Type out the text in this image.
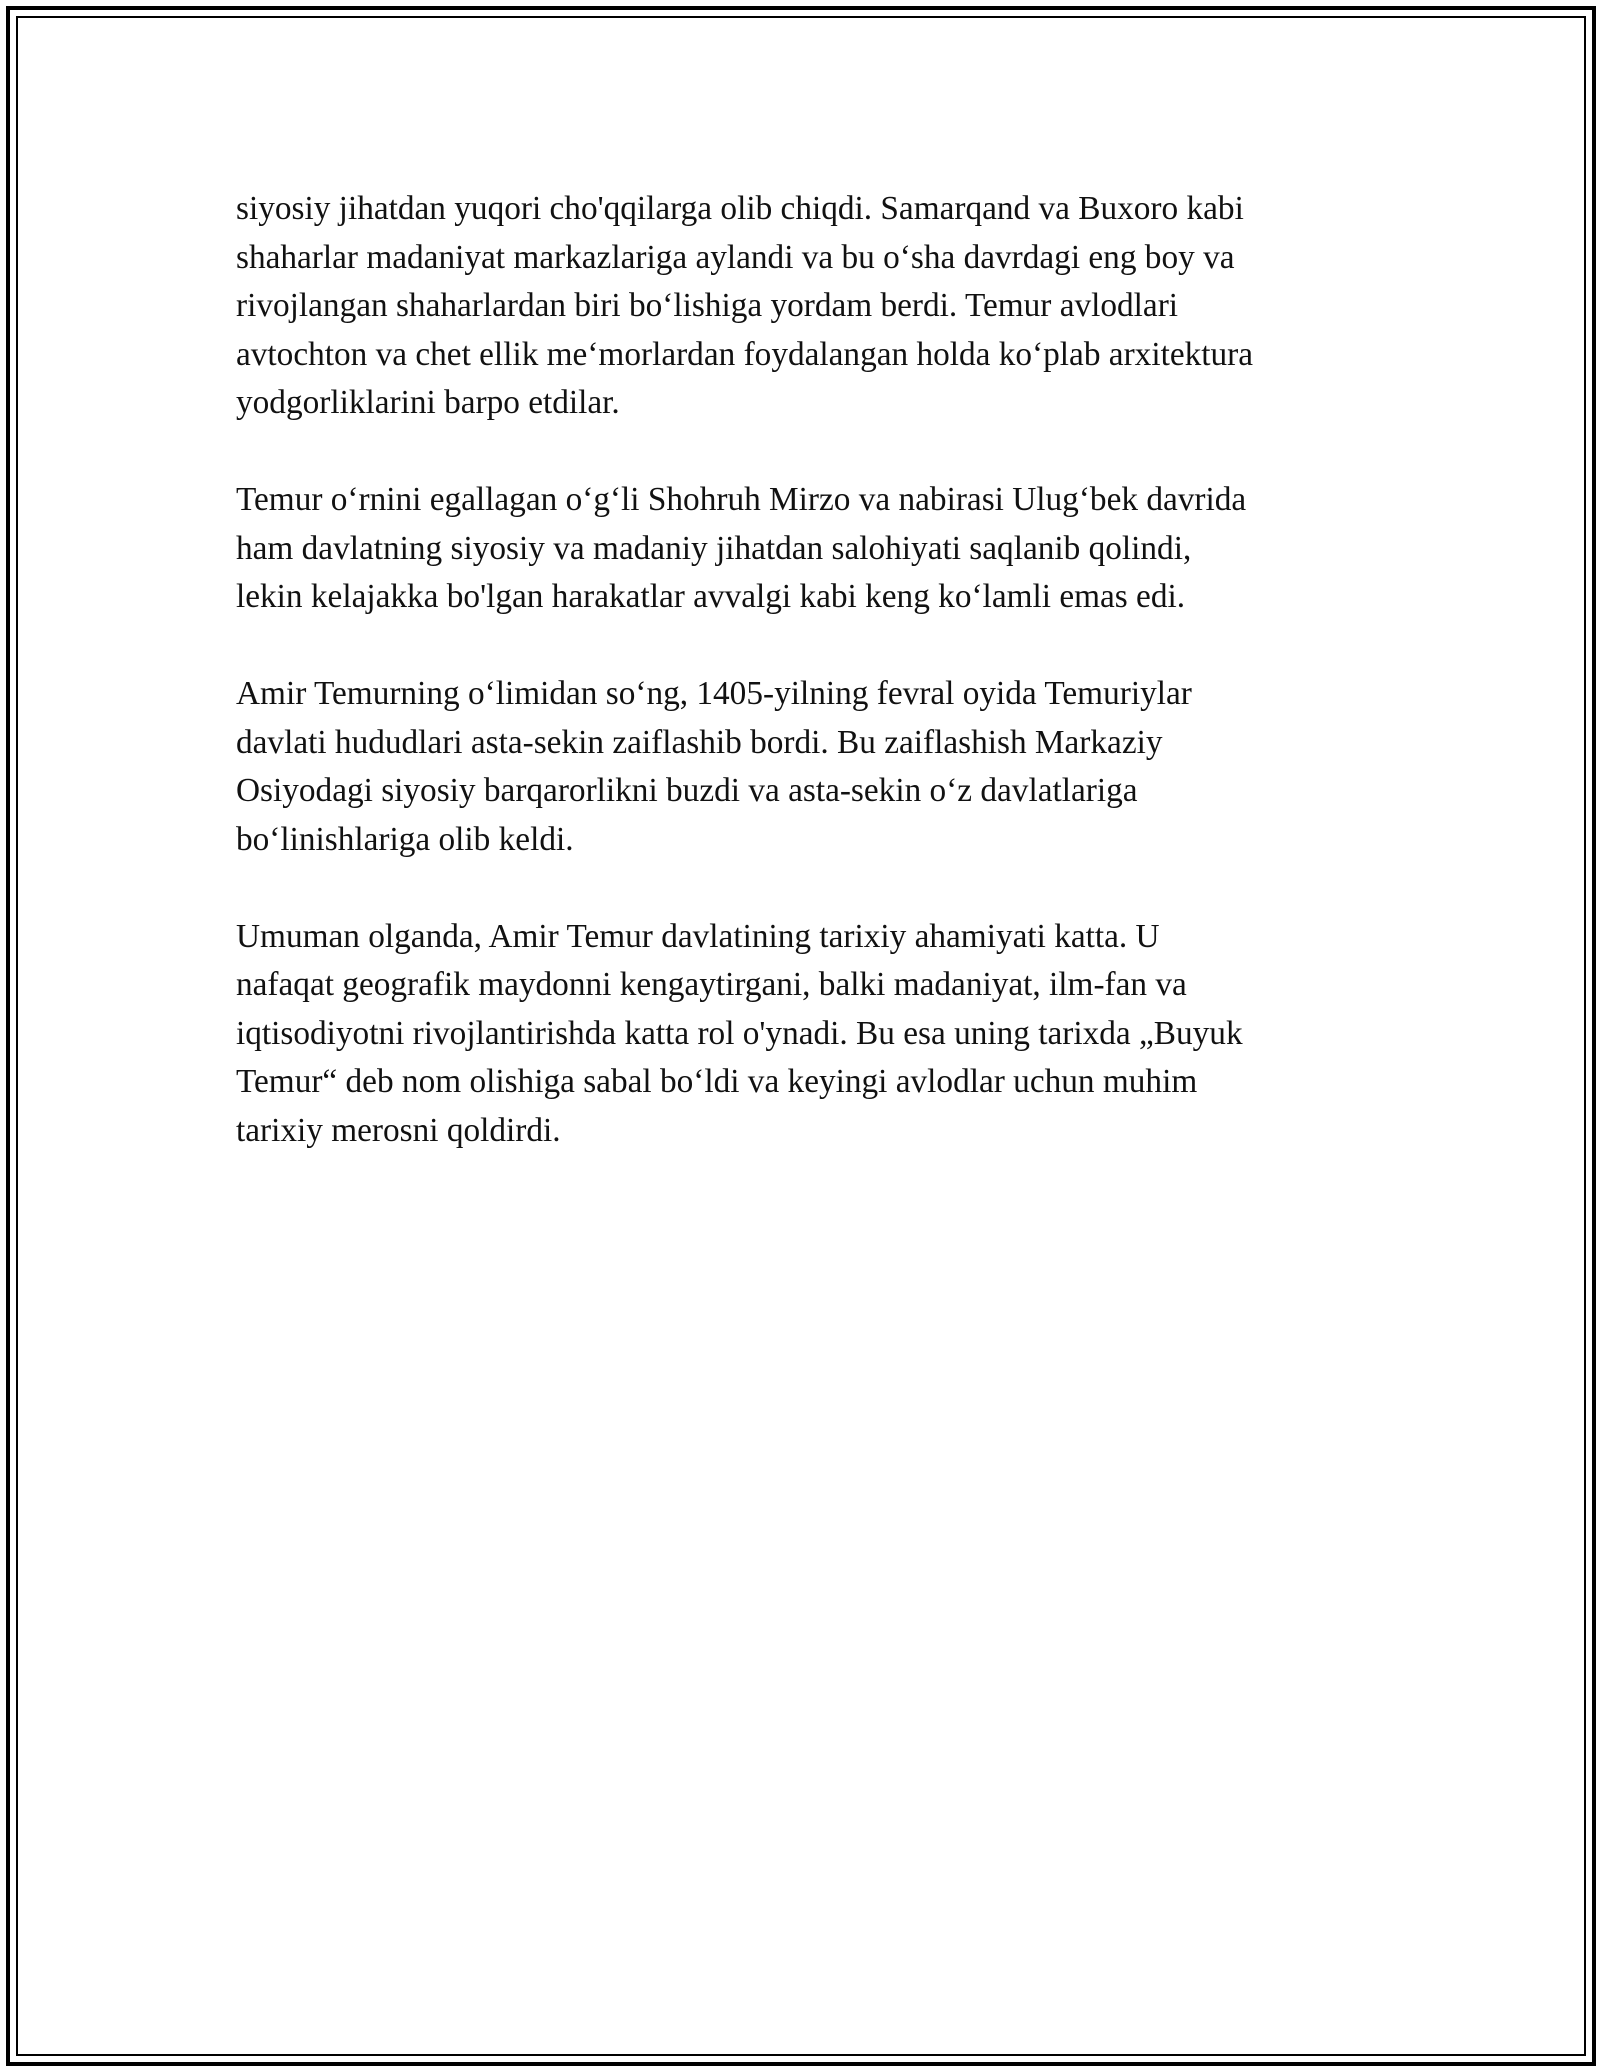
siyosiy jihatdan yuqori cho'qqilarga olib chiqdi. Samarqand va Buxoro kabi
shaharlar madaniyat markazlariga aylandi va bu o‘sha davrdagi eng boy va
rivojlangan shaharlardan biri bo‘lishiga yordam berdi. Temur avlodlari
avtochton va chet ellik me‘morlardan foydalangan holda ko‘plab arxitektura
yodgorliklarini barpo etdilar.
Temur o‘rnini egallagan o‘g‘li Shohruh Mirzo va nabirasi Ulug‘bek davrida
ham davlatning siyosiy va madaniy jihatdan salohiyati saqlanib qolindi,
lekin kelajakka bo'lgan harakatlar avvalgi kabi keng ko‘lamli emas edi.
Amir Temurning o‘limidan so‘ng, 1405-yilning fevral oyida Temuriylar
davlati hududlari asta-sekin zaiflashib bordi. Bu zaiflashish Markaziy
Osiyodagi siyosiy barqarorlikni buzdi va asta-sekin o‘z davlatlariga
bo‘linishlariga olib keldi.
Umuman olganda, Amir Temur davlatining tarixiy ahamiyati katta. U
nafaqat geografik maydonni kengaytirgani, balki madaniyat, ilm-fan va
iqtisodiyotni rivojlantirishda katta rol o'ynadi. Bu esa uning tarixda „Buyuk
Temur“ deb nom olishiga sabal bo‘ldi va keyingi avlodlar uchun muhim
tarixiy merosni qoldirdi.
